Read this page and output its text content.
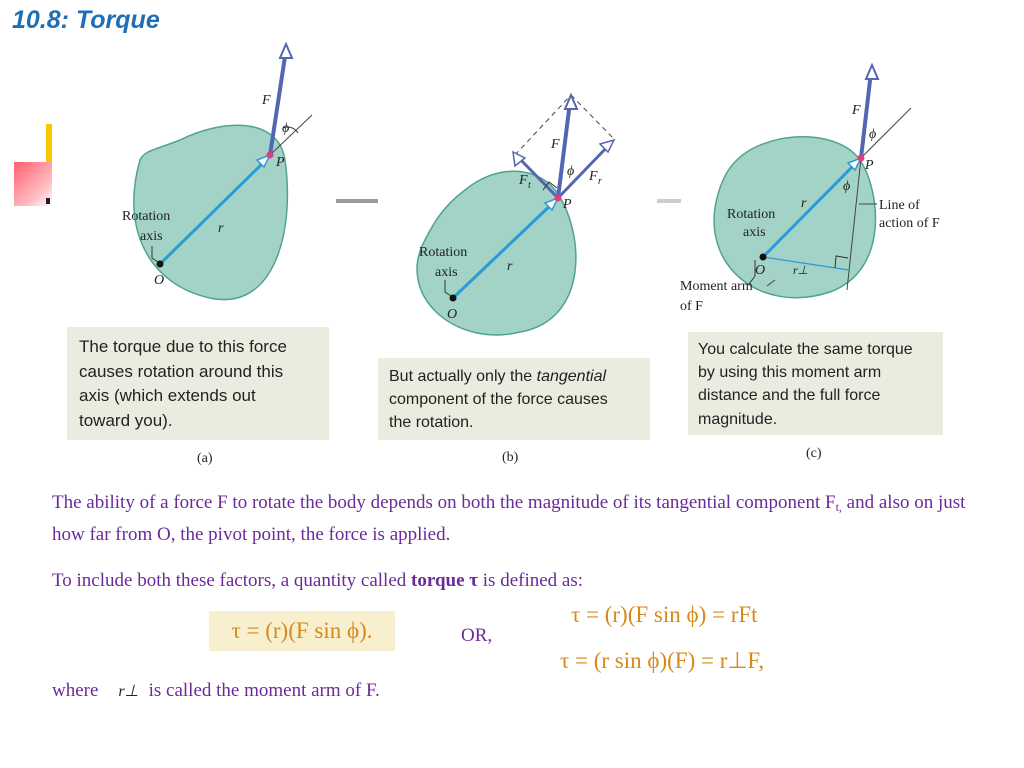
10.8: Torque
F
ϕ
P
r
Rotation
axis
O
F
F t
F r
ϕ
P
r
Rotation
axis
O
F
ϕ
ϕ
P
r
r⊥
Rotation
axis
O
Line of
action of F
Moment arm
of F
The torque due to this force
causes rotation around this
axis (which extends out
toward you).
But actually only the tangential
component of the force causes
the rotation.
You calculate the same torque
by using this moment arm
distance and the full force
magnitude.
(a)	(b)	(c)
The ability of a force F to rotate the body depends on both the magnitude of its tangential component Ft, and also on just how far from O, the pivot point, the force is applied.
To include both these factors, a quantity called torque τ is defined as:
τ = (r)(F sin ϕ).	OR,
τ = (r)(F sin ϕ) = rFt
τ = (r sin ϕ)(F) = r⊥F,
where r⊥ is called the moment arm of F.
